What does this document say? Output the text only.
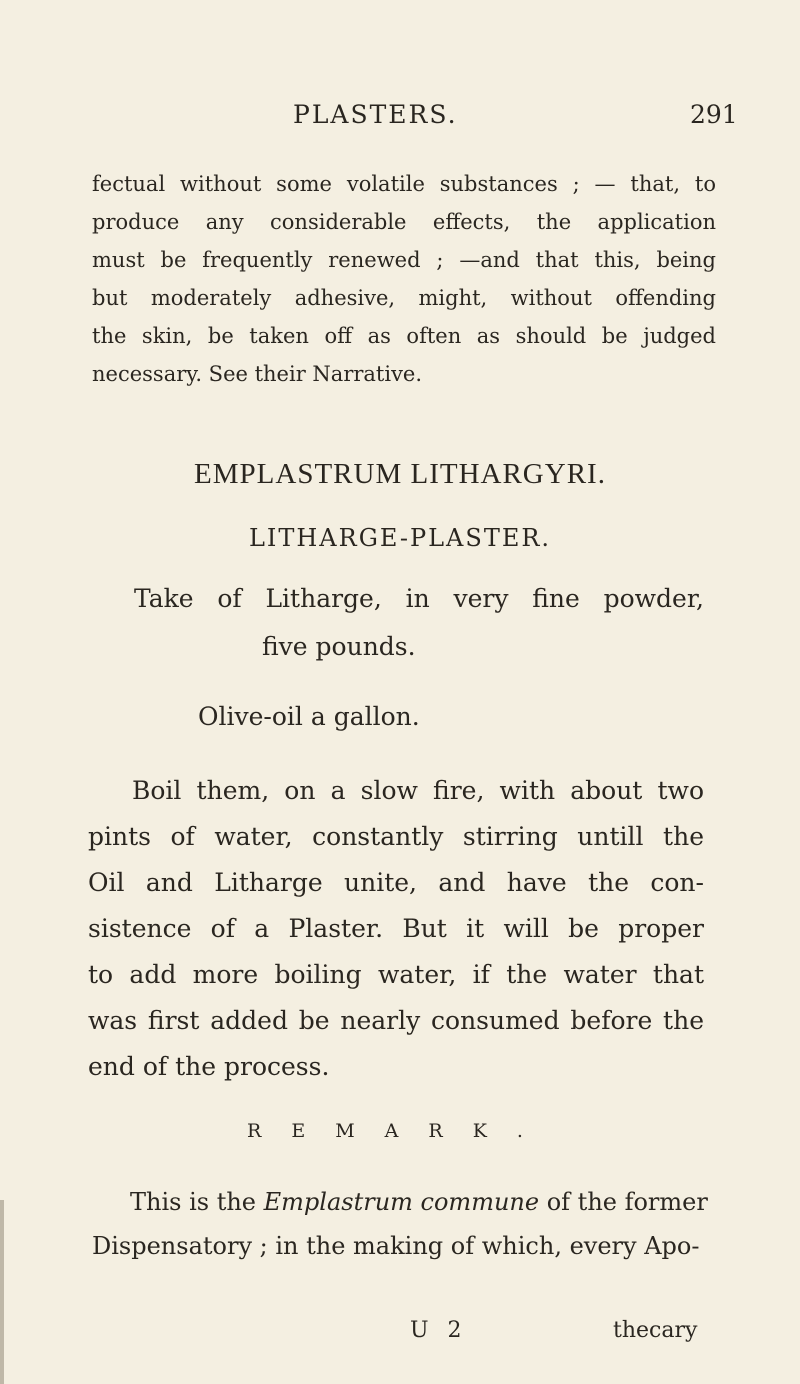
PLASTERS.	291
fectual without some volatile substances ; — that, to
produce any considerable effects, the application
must be frequently renewed ; —and that this, being
but moderately adhesive, might, without offending
the skin, be taken off as often as should be judged
necessary. See their Narrative.
EMPLASTRUM LITHARGYRI.
LITHARGE-PLASTER.
Take of Litharge, in very fine powder,
five pounds.
Olive-oil a gallon.
Boil them, on a slow fire, with about two
pints of water, constantly stirring untill the
Oil and Litharge unite, and have the con-
sistence of a Plaster. But it will be proper
to add more boiling water, if the water that
was first added be nearly consumed before the
end of the process.
REMARK.
This is the Emplastrum commune of the former
Dispensatory ; in the making of which, every Apo-
U 2	thecary
